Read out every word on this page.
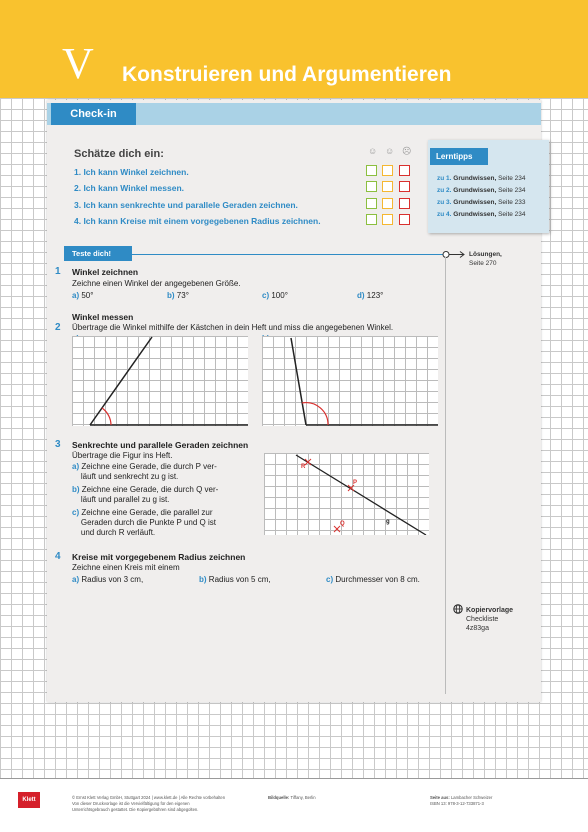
V Konstruieren und Argumentieren
Check-in
Schätze dich ein:
1. Ich kann Winkel zeichnen.
2. Ich kann Winkel messen.
3. Ich kann senkrechte und parallele Geraden zeichnen.
4. Ich kann Kreise mit einem vorgegebenen Radius zeichnen.
☺ ☺ ☹
Lerntipps
zu 1. Grundwissen, Seite 234
zu 2. Grundwissen, Seite 234
zu 3. Grundwissen, Seite 233
zu 4. Grundwissen, Seite 234
Teste dich!	Lösungen,
Seite 270
1 Winkel zeichnen
Zeichne einen Winkel der angegebenen Größe.
a) 50°	b) 73°	c) 100°	d) 123°
Winkel messen
2 Übertrage die Winkel mithilfe der Kästchen in dein Heft und miss die angegebenen Winkel.
3 Senkrechte und parallele Geraden zeichnen
Übertrage die Figur ins Heft.
a) Zeichne eine Gerade, die durch P ver-
läuft und senkrecht zu g ist.
b) Zeichne eine Gerade, die durch Q ver-
läuft und parallel zu g ist.
c) Zeichne eine Gerade, die parallel zur
Geraden durch die Punkte P und Q ist
und durch R verläuft.
R
P
Q	g
4 Kreise mit vorgegebenem Radius zeichnen
Zeichne einen Kreis mit einem
a) Radius von 3 cm,	b) Radius von 5 cm,	c) Durchmesser von 8 cm.
Kopiervorlage
Checkliste
4z83ga
Klett	© Ernst Klett Verlag GmbH, Stuttgart 2024 | www.klett.de | Alle Rechte vorbehalten
Von dieser Druckvorlage ist die Vervielfältigung für den eigenen
Unterrichtsgebrauch gestattet. Die Kopiergebühren sind abgegolten.
Bildquelle: Tiffany, Berlin	Seite aus: Lambacher Schweizer
ISBN 13: 978-3-12-733871-3
